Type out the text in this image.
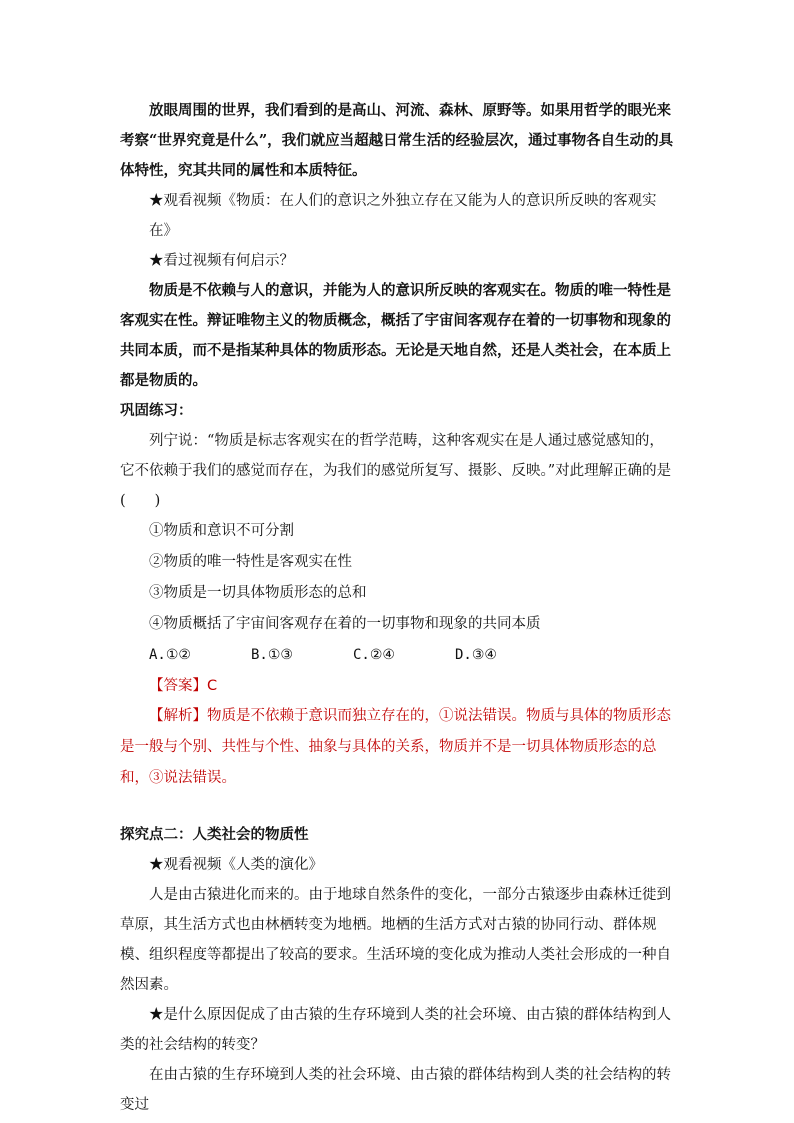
放眼周围的世界，我们看到的是高山、河流、森林、原野等。如果用哲学的眼光来考察“世界究竟是什么”，我们就应当超越日常生活的经验层次，通过事物各自生动的具体特性，究其共同的属性和本质特征。

★观看视频《物质：在人们的意识之外独立存在又能为人的意识所反映的客观实在》

★看过视频有何启示？

物质是不依赖与人的意识，并能为人的意识所反映的客观实在。物质的唯一特性是客观实在性。辩证唯物主义的物质概念，概括了宇宙间客观存在着的一切事物和现象的共同本质，而不是指某种具体的物质形态。无论是天地自然，还是人类社会，在本质上都是物质的。

巩固练习：

列宁说：“物质是标志客观实在的哲学范畴，这种客观实在是人通过感觉感知的，它不依赖于我们的感觉而存在，为我们的感觉所复写、摄影、反映。”对此理解正确的是(　　)

①物质和意识不可分割

②物质的唯一特性是客观实在性

③物质是一切具体物质形态的总和

④物质概括了宇宙间客观存在着的一切事物和现象的共同本质

A.①②	B.①③	C.②④	D.③④

【答案】C

【解析】物质是不依赖于意识而独立存在的，①说法错误。物质与具体的物质形态是一般与个别、共性与个性、抽象与具体的关系，物质并不是一切具体物质形态的总和，③说法错误。

探究点二：人类社会的物质性

★观看视频《人类的演化》

人是由古猿进化而来的。由于地球自然条件的变化，一部分古猿逐步由森林迁徙到草原，其生活方式也由林栖转变为地栖。地栖的生活方式对古猿的协同行动、群体规模、组织程度等都提出了较高的要求。生活环境的变化成为推动人类社会形成的一种自然因素。

★是什么原因促成了由古猿的生存环境到人类的社会环境、由古猿的群体结构到人类的社会结构的转变？

在由古猿的生存环境到人类的社会环境、由古猿的群体结构到人类的社会结构的转变过
